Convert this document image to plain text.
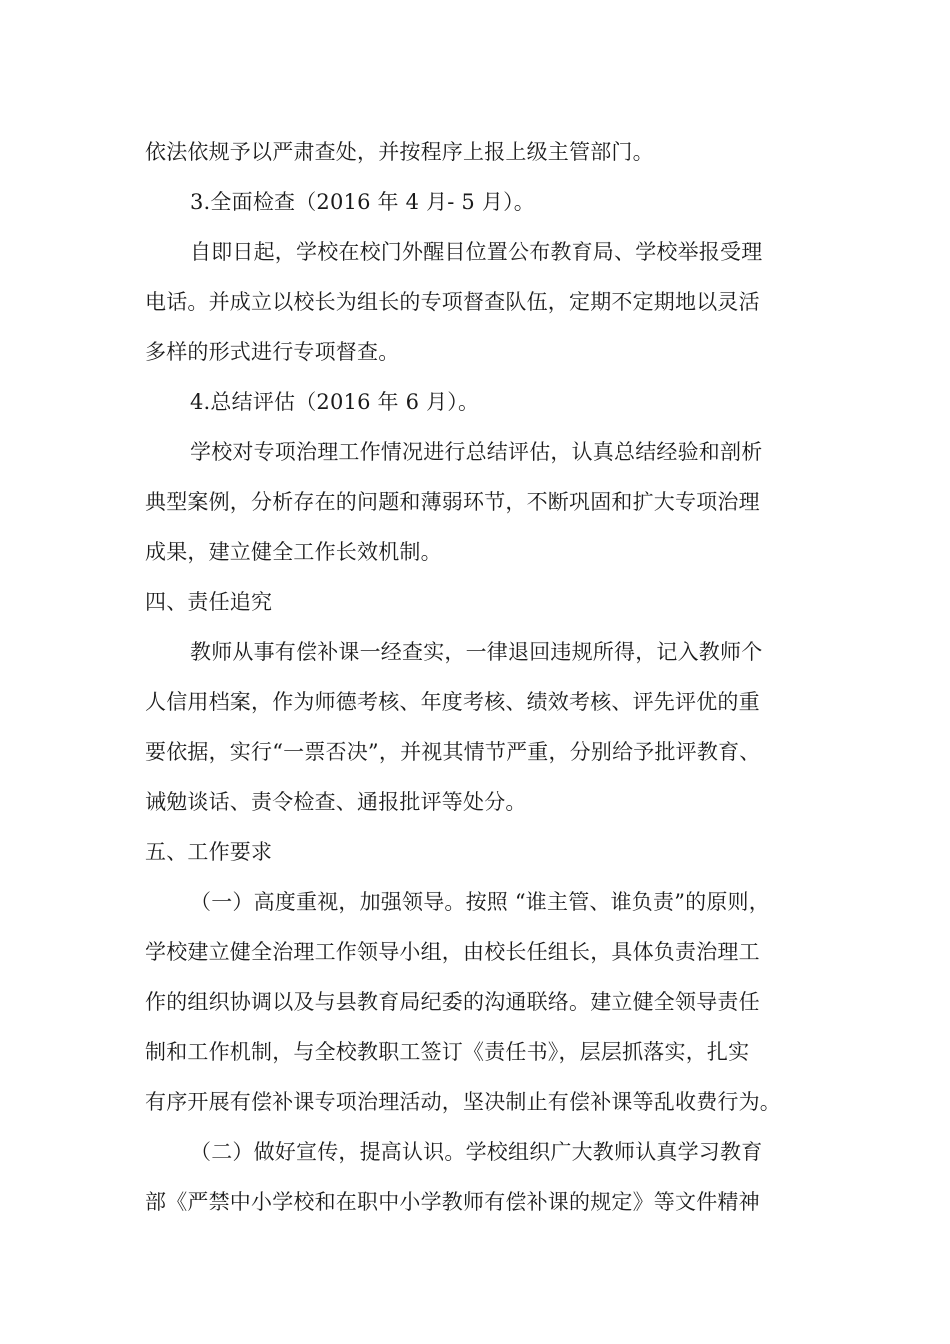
依法依规予以严肃查处，并按程序上报上级主管部门。
3.全面检查（2016 年 4 月- 5 月）。
自即日起，学校在校门外醒目位置公布教育局、学校举报受理
电话。并成立以校长为组长的专项督查队伍，定期不定期地以灵活
多样的形式进行专项督查。
4.总结评估（2016 年 6 月）。
学校对专项治理工作情况进行总结评估，认真总结经验和剖析
典型案例，分析存在的问题和薄弱环节，不断巩固和扩大专项治理
成果，建立健全工作长效机制。
四、责任追究
教师从事有偿补课一经查实，一律退回违规所得，记入教师个
人信用档案，作为师德考核、年度考核、绩效考核、评先评优的重
要依据，实行“一票否决”，并视其情节严重，分别给予批评教育、
诫勉谈话、责令检查、通报批评等处分。
五、工作要求
（一）高度重视，加强领导。按照 “谁主管、谁负责”的原则，
学校建立健全治理工作领导小组，由校长任组长，具体负责治理工
作的组织协调以及与县教育局纪委的沟通联络。建立健全领导责任
制和工作机制，与全校教职工签订《责任书》，层层抓落实，扎实
有序开展有偿补课专项治理活动，坚决制止有偿补课等乱收费行为。
（二）做好宣传，提高认识。学校组织广大教师认真学习教育
部《严禁中小学校和在职中小学教师有偿补课的规定》等文件精神
